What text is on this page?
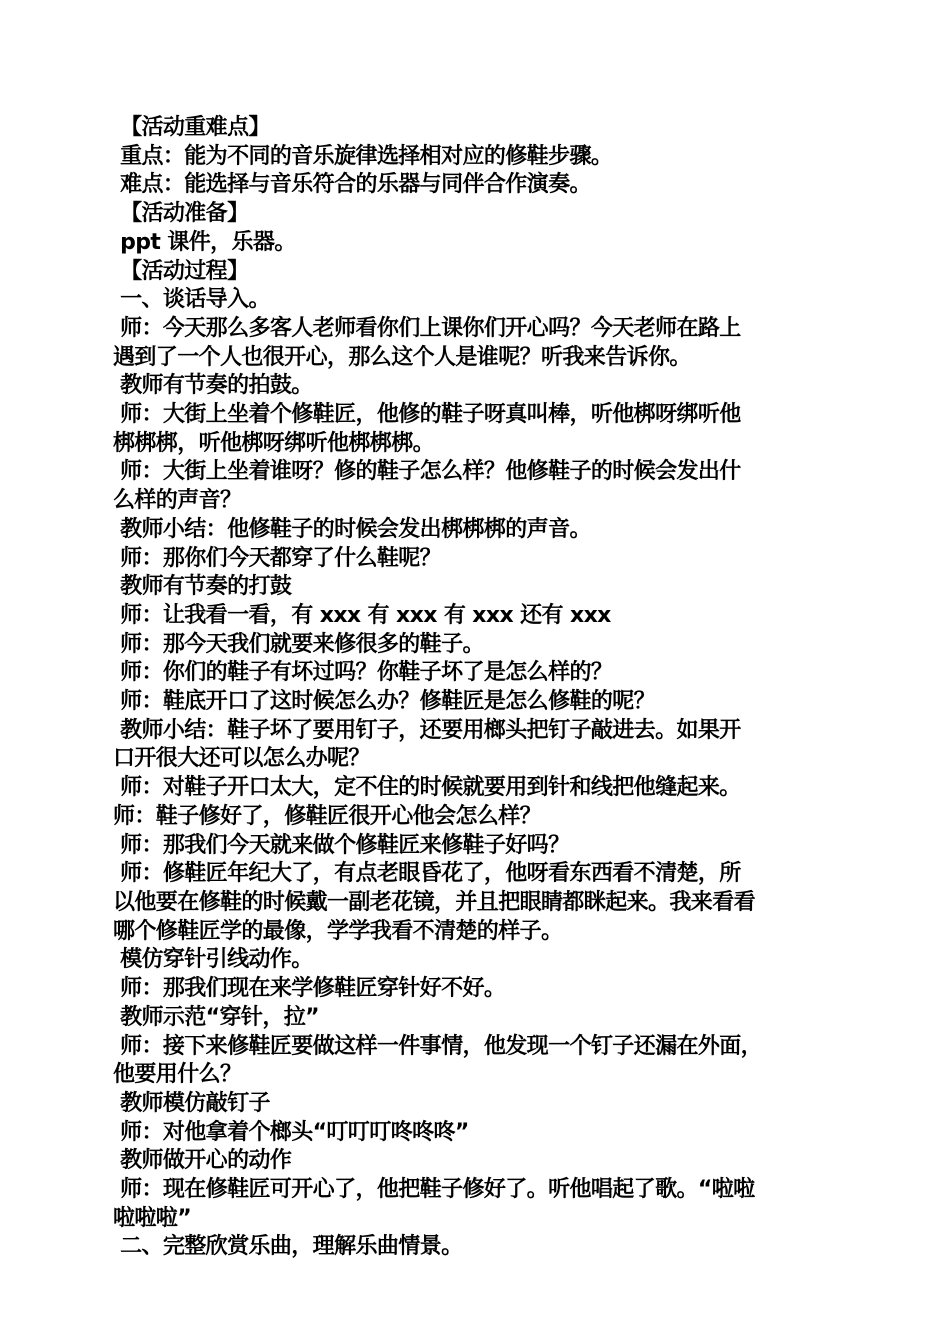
【活动重难点】
重点：能为不同的音乐旋律选择相对应的修鞋步骤。
难点：能选择与音乐符合的乐器与同伴合作演奏。
【活动准备】
ppt 课件，乐器。
【活动过程】
一、谈话导入。
师：今天那么多客人老师看你们上课你们开心吗？今天老师在路上
遇到了一个人也很开心，那么这个人是谁呢？听我来告诉你。
教师有节奏的拍鼓。
师：大街上坐着个修鞋匠，他修的鞋子呀真叫棒，听他梆呀绑听他
梆梆梆，听他梆呀绑听他梆梆梆。
师：大街上坐着谁呀？修的鞋子怎么样？他修鞋子的时候会发出什
么样的声音？
教师小结：他修鞋子的时候会发出梆梆梆的声音。
师：那你们今天都穿了什么鞋呢？
教师有节奏的打鼓
师：让我看一看，有 xxx 有 xxx 有 xxx 还有 xxx
师：那今天我们就要来修很多的鞋子。
师：你们的鞋子有坏过吗？你鞋子坏了是怎么样的？
师：鞋底开口了这时候怎么办？修鞋匠是怎么修鞋的呢？
教师小结：鞋子坏了要用钉子，还要用榔头把钉子敲进去。如果开
口开很大还可以怎么办呢？
师：对鞋子开口太大，定不住的时候就要用到针和线把他缝起来。
师：鞋子修好了，修鞋匠很开心他会怎么样？
师：那我们今天就来做个修鞋匠来修鞋子好吗？
师：修鞋匠年纪大了，有点老眼昏花了，他呀看东西看不清楚，所
以他要在修鞋的时候戴一副老花镜，并且把眼睛都眯起来。我来看看
哪个修鞋匠学的最像，学学我看不清楚的样子。
模仿穿针引线动作。
师：那我们现在来学修鞋匠穿针好不好。
教师示范“穿针，拉”
师：接下来修鞋匠要做这样一件事情，他发现一个钉子还漏在外面，
他要用什么？
教师模仿敲钉子
师：对他拿着个榔头“叮叮叮咚咚咚”
教师做开心的动作
师：现在修鞋匠可开心了，他把鞋子修好了。听他唱起了歌。“啦啦
啦啦啦”
二、完整欣赏乐曲，理解乐曲情景。
